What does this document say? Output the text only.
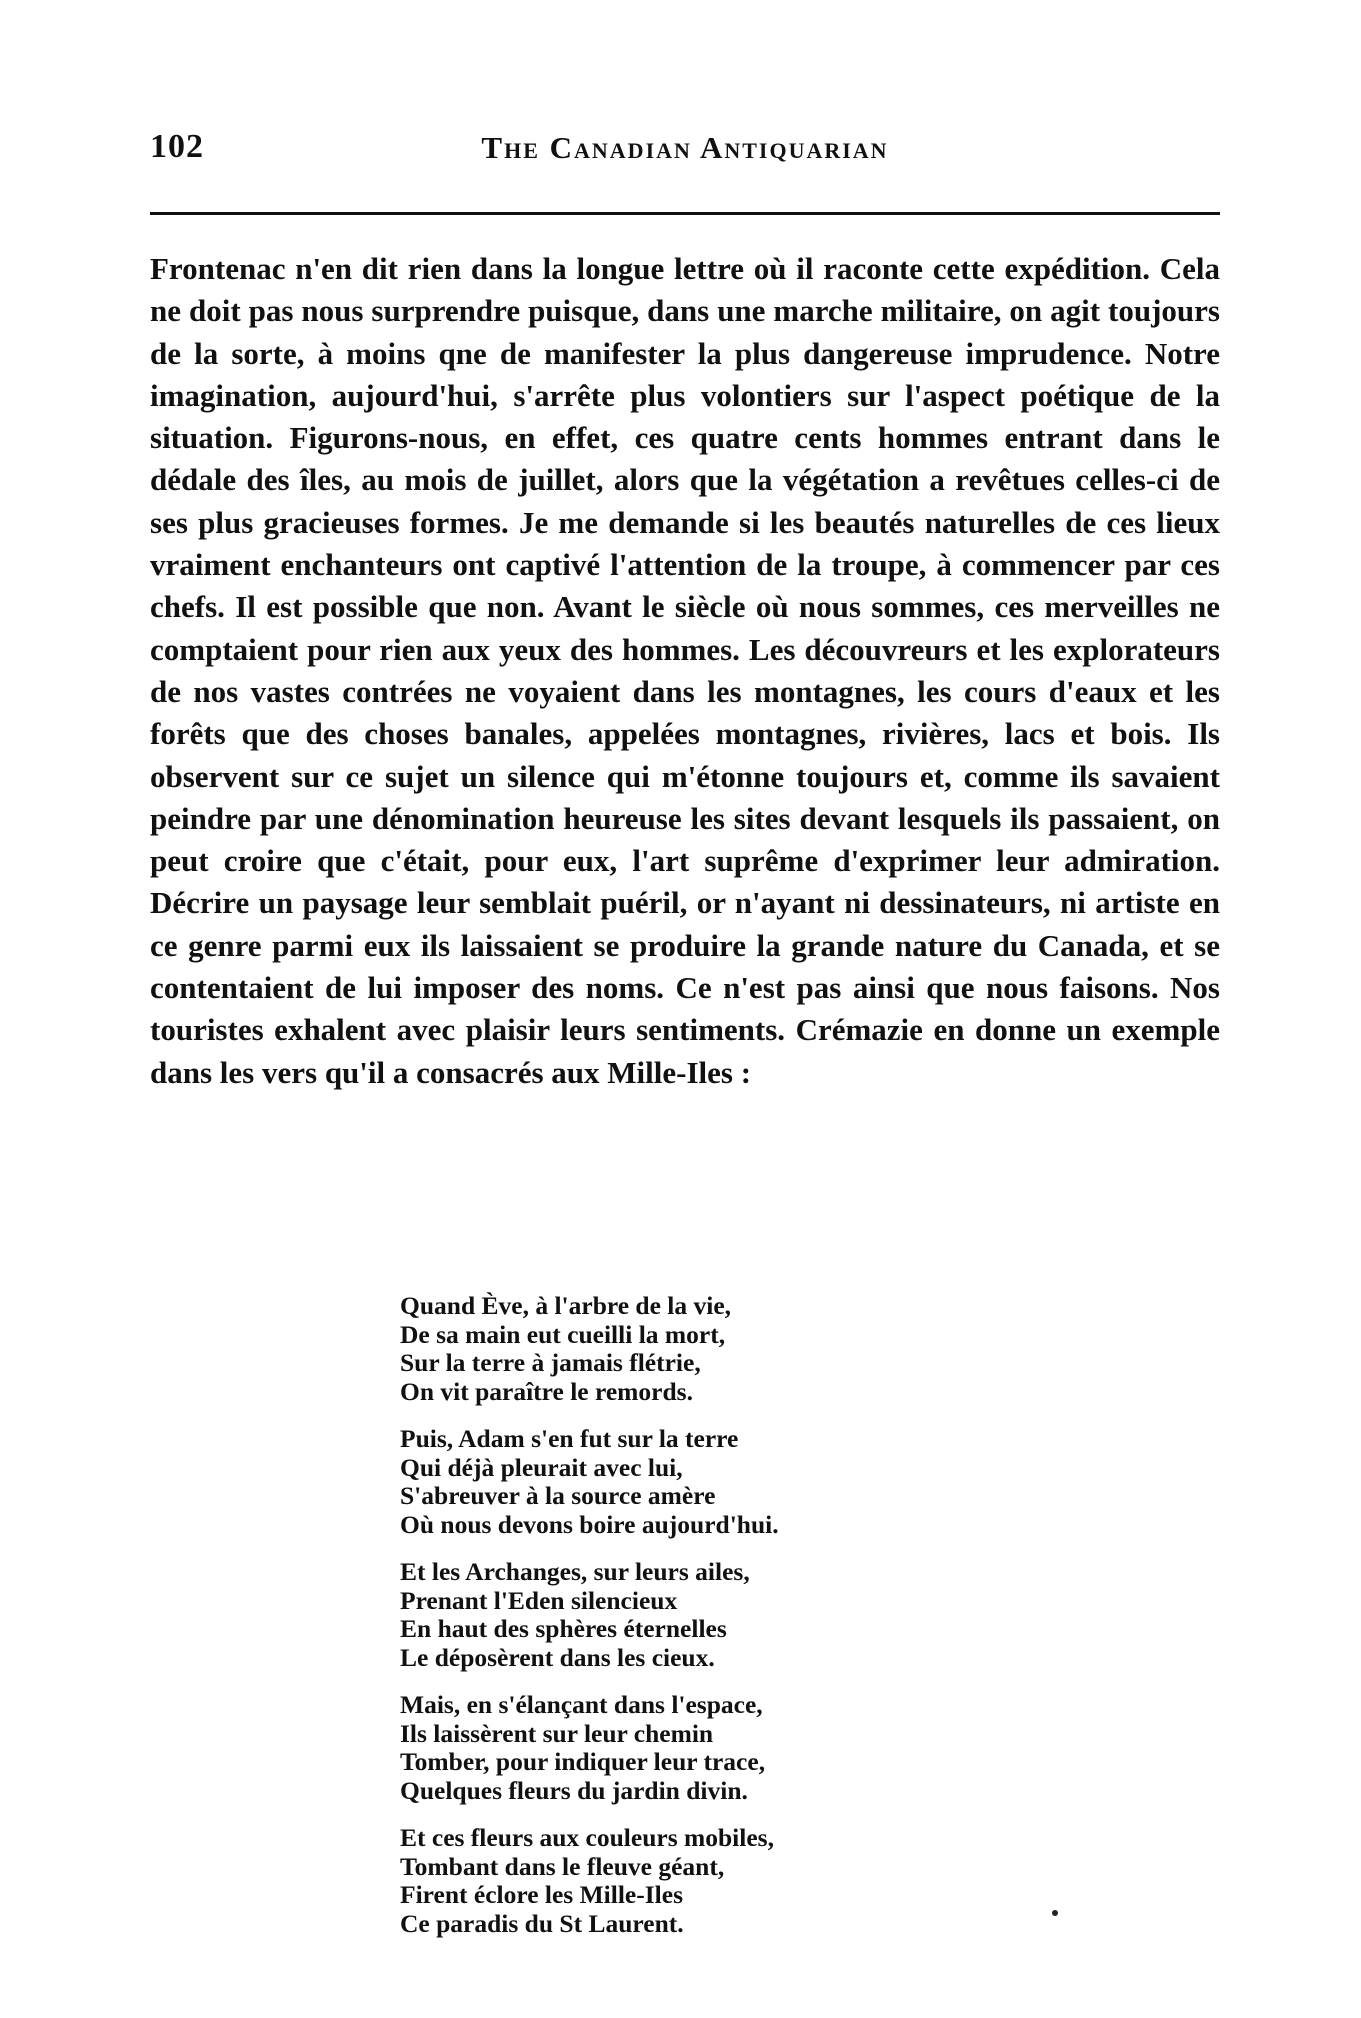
102	The Canadian Antiquarian

Frontenac n'en dit rien dans la longue lettre où il raconte cette expédition. Cela ne doit pas nous surprendre puisque, dans une marche militaire, on agit toujours de la sorte, à moins qne de manifester la plus dangereuse imprudence. Notre imagination, aujourd'hui, s'arrête plus volontiers sur l'aspect poétique de la situation. Figurons-nous, en effet, ces quatre cents hommes entrant dans le dédale des îles, au mois de juillet, alors que la végétation a revêtues celles-ci de ses plus gracieuses formes. Je me demande si les beautés naturelles de ces lieux vraiment enchanteurs ont captivé l'attention de la troupe, à commencer par ces chefs. Il est possible que non. Avant le siècle où nous sommes, ces merveilles ne comptaient pour rien aux yeux des hommes. Les découvreurs et les explorateurs de nos vastes contrées ne voyaient dans les montagnes, les cours d'eaux et les forêts que des choses banales, appelées montagnes, rivières, lacs et bois. Ils observent sur ce sujet un silence qui m'étonne toujours et, comme ils savaient peindre par une dénomination heureuse les sites devant lesquels ils passaient, on peut croire que c'était, pour eux, l'art suprême d'exprimer leur admiration. Décrire un paysage leur semblait puéril, or n'ayant ni dessinateurs, ni artiste en ce genre parmi eux ils laissaient se produire la grande nature du Canada, et se contentaient de lui imposer des noms. Ce n'est pas ainsi que nous faisons. Nos touristes exhalent avec plaisir leurs sentiments. Crémazie en donne un exemple dans les vers qu'il a consacrés aux Mille-Iles :

Quand Ève, à l'arbre de la vie,
De sa main eut cueilli la mort,
Sur la terre à jamais flétrie,
On vit paraître le remords.
Puis, Adam s'en fut sur la terre
Qui déjà pleurait avec lui,
S'abreuver à la source amère
Où nous devons boire aujourd'hui.
Et les Archanges, sur leurs ailes,
Prenant l'Eden silencieux
En haut des sphères éternelles
Le déposèrent dans les cieux.
Mais, en s'élançant dans l'espace,
Ils laissèrent sur leur chemin
Tomber, pour indiquer leur trace,
Quelques fleurs du jardin divin.
Et ces fleurs aux couleurs mobiles,
Tombant dans le fleuve géant,
Firent éclore les Mille-Iles
Ce paradis du St Laurent.
